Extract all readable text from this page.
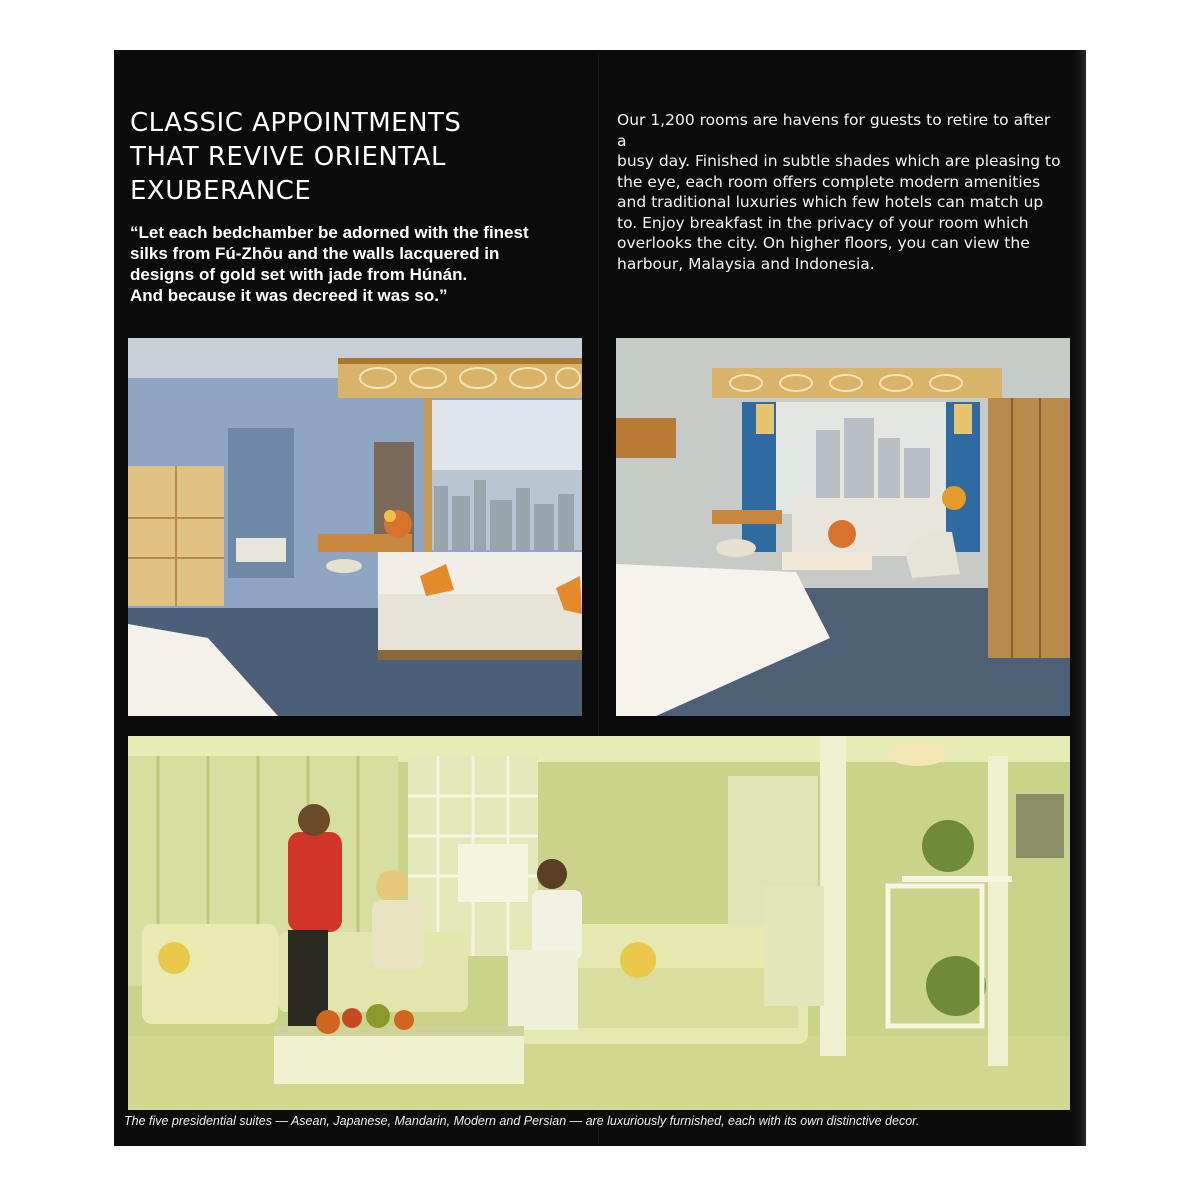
CLASSIC APPOINTMENTS
THAT REVIVE ORIENTAL
EXUBERANCE

“Let each bedchamber be adorned with the finest
silks from Fú-Zhōu and the walls lacquered in
designs of gold set with jade from Húnán.
And because it was decreed it was so.”

Our 1,200 rooms are havens for guests to retire to after a
busy day. Finished in subtle shades which are pleasing to
the eye, each room offers complete modern amenities
and traditional luxuries which few hotels can match up
to. Enjoy breakfast in the privacy of your room which
overlooks the city. On higher floors, you can view the
harbour, Malaysia and Indonesia.

The five presidential suites — Asean, Japanese, Mandarin, Modern and Persian — are luxuriously furnished, each with its own distinctive decor.
